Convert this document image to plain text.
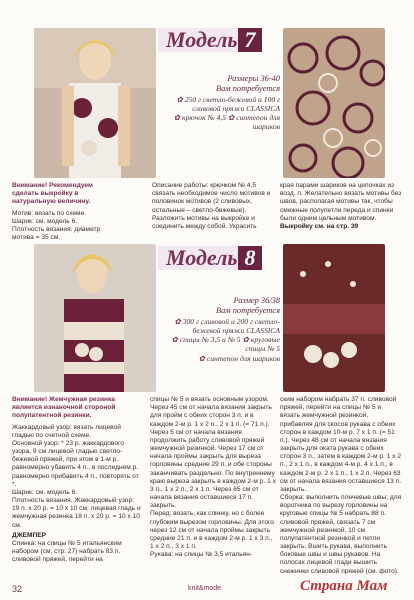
Модель 7
Размеры 36-40
Вам потребуется
✿ 250 г светло-бежевой и 100 г сливовой пряжи CLASSICA
✿ крючок № 4,5 ✿ синтепон для шариков
Внимание! Рекомендуем сделать выкройку в натуральную величину.
Мотив: вязать по схеме.
Шарик: см. модель 6.
Плотность вязания: диаметр мотива = 35 см.
Описание работы: крючком № 4,5 связать необходимое число мотивов и половинок мотивов (2 сливовых, остальные – светло-бежевые). Разложить мотивы на выкройке и соединить между собой. Украсить
края парами шариков на цепочках из возд. п. Желательно вязать мотивы без швов, располагая мотивы так, чтобы смежные полупетли переда и спинки были одним цельным мотивом.
Выкройку см. на стр. 39
Модель 8
Размер 36/38
Вам потребуется
✿ 300 г сливовой и 200 г светло-бежевой пряжи CLASSICA
✿ спицы № 3,5 и № 5 ✿ круговые спицы № 5
✿ синтепон для шариков
Внимание! Жемчужная резинка является изнаночной стороной полупатентной резинки.
Жаккардовый узор: вязать лицевой гладью по счетной схеме.
Основной узор: * 23 р. жаккардового узора, 9 см лицевой гладью светло-бежевой пряжей, при этом в 1-м р. равномерно убавить 4 п., в последнем р. равномерно прибавить 4 п., повторять от *.
Шарик: см. модель 6.
Плотность вязания. Жаккардовый узор: 19 п. x 20 р. = 10 x 10 см; лицевая гладь и жемчужная резинка 18 п. x 20 р. = 10 x 10 см.
ДЖЕМПЕР
Спинка: на спицы № 5 итальянским набором (см. стр. 27) набрать 83 п. сливовой пряжей, перейти на
спицы № 5 и вязать основным узором. Через 45 см от начала вязания закрыть для пройм с обеих сторон 3 п. и в каждом 2-м р. 1 x 2 п., 2 x 1 п. (= 71 п.). Через 5 см от начала вязания продолжить работу сливовой пряжей жемчужной резинкой. Через 17 см от начала проймы закрыть для выреза горловины средние 29 п. и обе стороны заканчивать раздельно. По внутреннему краю выреза закрыть в каждом 2-м р. 1 x 3 п., 1 x 2 п., 2 x 1 п. Через 65 см от начала вязания оставшиеся 17 п. закрыть.
Перед: вязать, как спинку, но с более глубоким вырезом горловины. Для этого через 12 см от начала проймы закрыть средние 21 п. и в каждом 2-м р. 1 x 3 п., 1 x 2 п., 3 x 1 п.
Рукава: на спицы № 3,5 итальян-
ским набором набрать 37 п. сливовой пряжей, перейти на спицы № 5 и вязать жемчужной резинкой, прибавляя для скосов рукава с обеих сторон в каждом 10-м р. 7 x 1 п. (= 51 п.). Через 48 см от начала вязания закрыть для оката рукава с обеих сторон 3 п., затем в каждом 2-м р. 1 x 2 п., 2 x 1 п., в каждом 4-м р. 4 x 1 п., в каждом 2-м р. 2 x 1 п., 1 x 2 п. Через 63 см от начала вязания оставшиеся 13 п. закрыть.
Сборка: выполнить плечевые швы; для воротника по вырезу горловины на круговые спицы № 5 набрать 88 п. сливовой пряжей, связать 7 см жемчужной резинкой, 10 см полупатентной резинкой и петли закрыть. Вшить рукава, выполнить боковые швы и швы рукавов. На полосах лицевой глади вышить снежинки сливовой пряжей (см. фото).
32	knit&mode	Страна Мам
